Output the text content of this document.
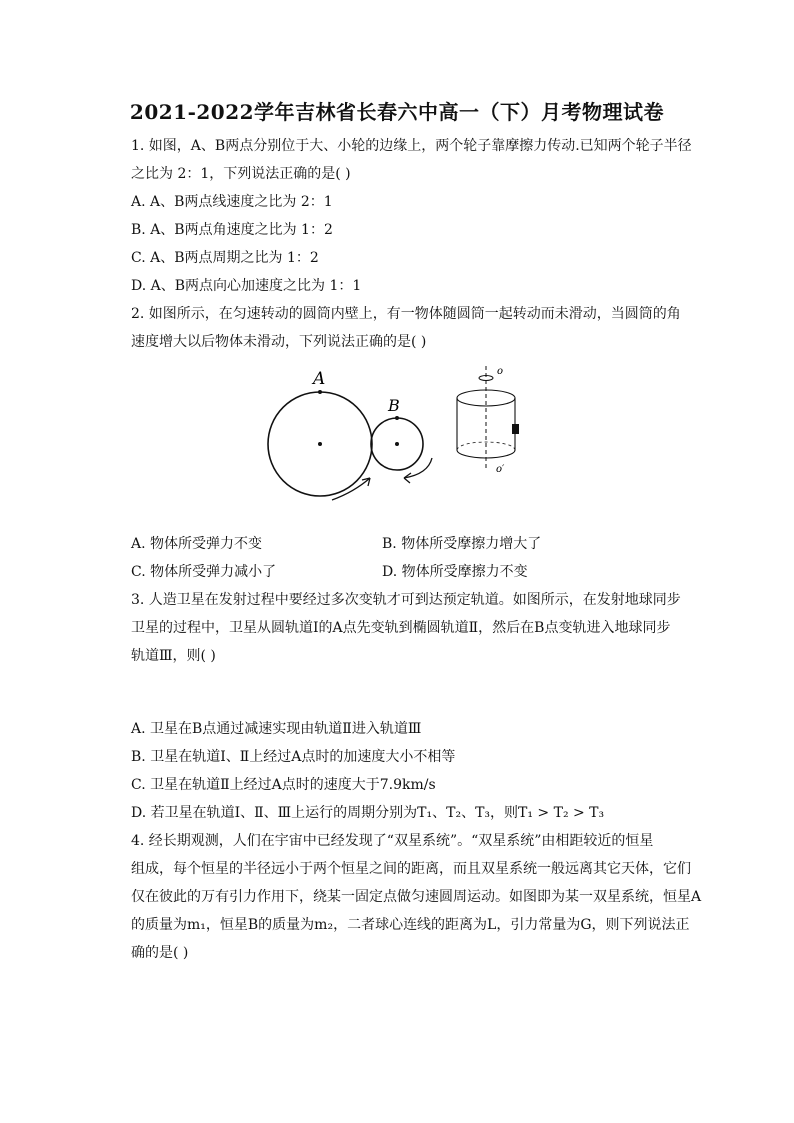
2021-2022学年吉林省长春六中高一（下）月考物理试卷
1. 如图，A、B两点分别位于大、小轮的边缘上，两个轮子靠摩擦力传动.已知两个轮子半径
之比为 2：1，下列说法正确的是( )
A. A、B两点线速度之比为 2：1
B. A、B两点角速度之比为 1：2
C. A、B两点周期之比为 1：2
D. A、B两点向心加速度之比为 1：1
2. 如图所示，在匀速转动的圆筒内壁上，有一物体随圆筒一起转动而未滑动，当圆筒的角
速度增大以后物体未滑动，下列说法正确的是( )
A
B
o
o′
A. 物体所受弹力不变	B. 物体所受摩擦力增大了
C. 物体所受弹力减小了	D. 物体所受摩擦力不变
3. 人造卫星在发射过程中要经过多次变轨才可到达预定轨道。如图所示，在发射地球同步
卫星的过程中，卫星从圆轨道Ⅰ的A点先变轨到椭圆轨道Ⅱ，然后在B点变轨进入地球同步
轨道Ⅲ，则( )
A. 卫星在B点通过减速实现由轨道Ⅱ进入轨道Ⅲ
B. 卫星在轨道Ⅰ、Ⅱ上经过A点时的加速度大小不相等
C. 卫星在轨道Ⅱ上经过A点时的速度大于7.9km/s
D. 若卫星在轨道Ⅰ、Ⅱ、Ⅲ上运行的周期分别为T₁、T₂、T₃，则T₁ > T₂ > T₃
4. 经长期观测，人们在宇宙中已经发现了“双星系统”。“双星系统”由相距较近的恒星
组成，每个恒星的半径远小于两个恒星之间的距离，而且双星系统一般远离其它天体，它们
仅在彼此的万有引力作用下，绕某一固定点做匀速圆周运动。如图即为某一双星系统，恒星A
的质量为m₁，恒星B的质量为m₂，二者球心连线的距离为L，引力常量为G，则下列说法正
确的是( )
